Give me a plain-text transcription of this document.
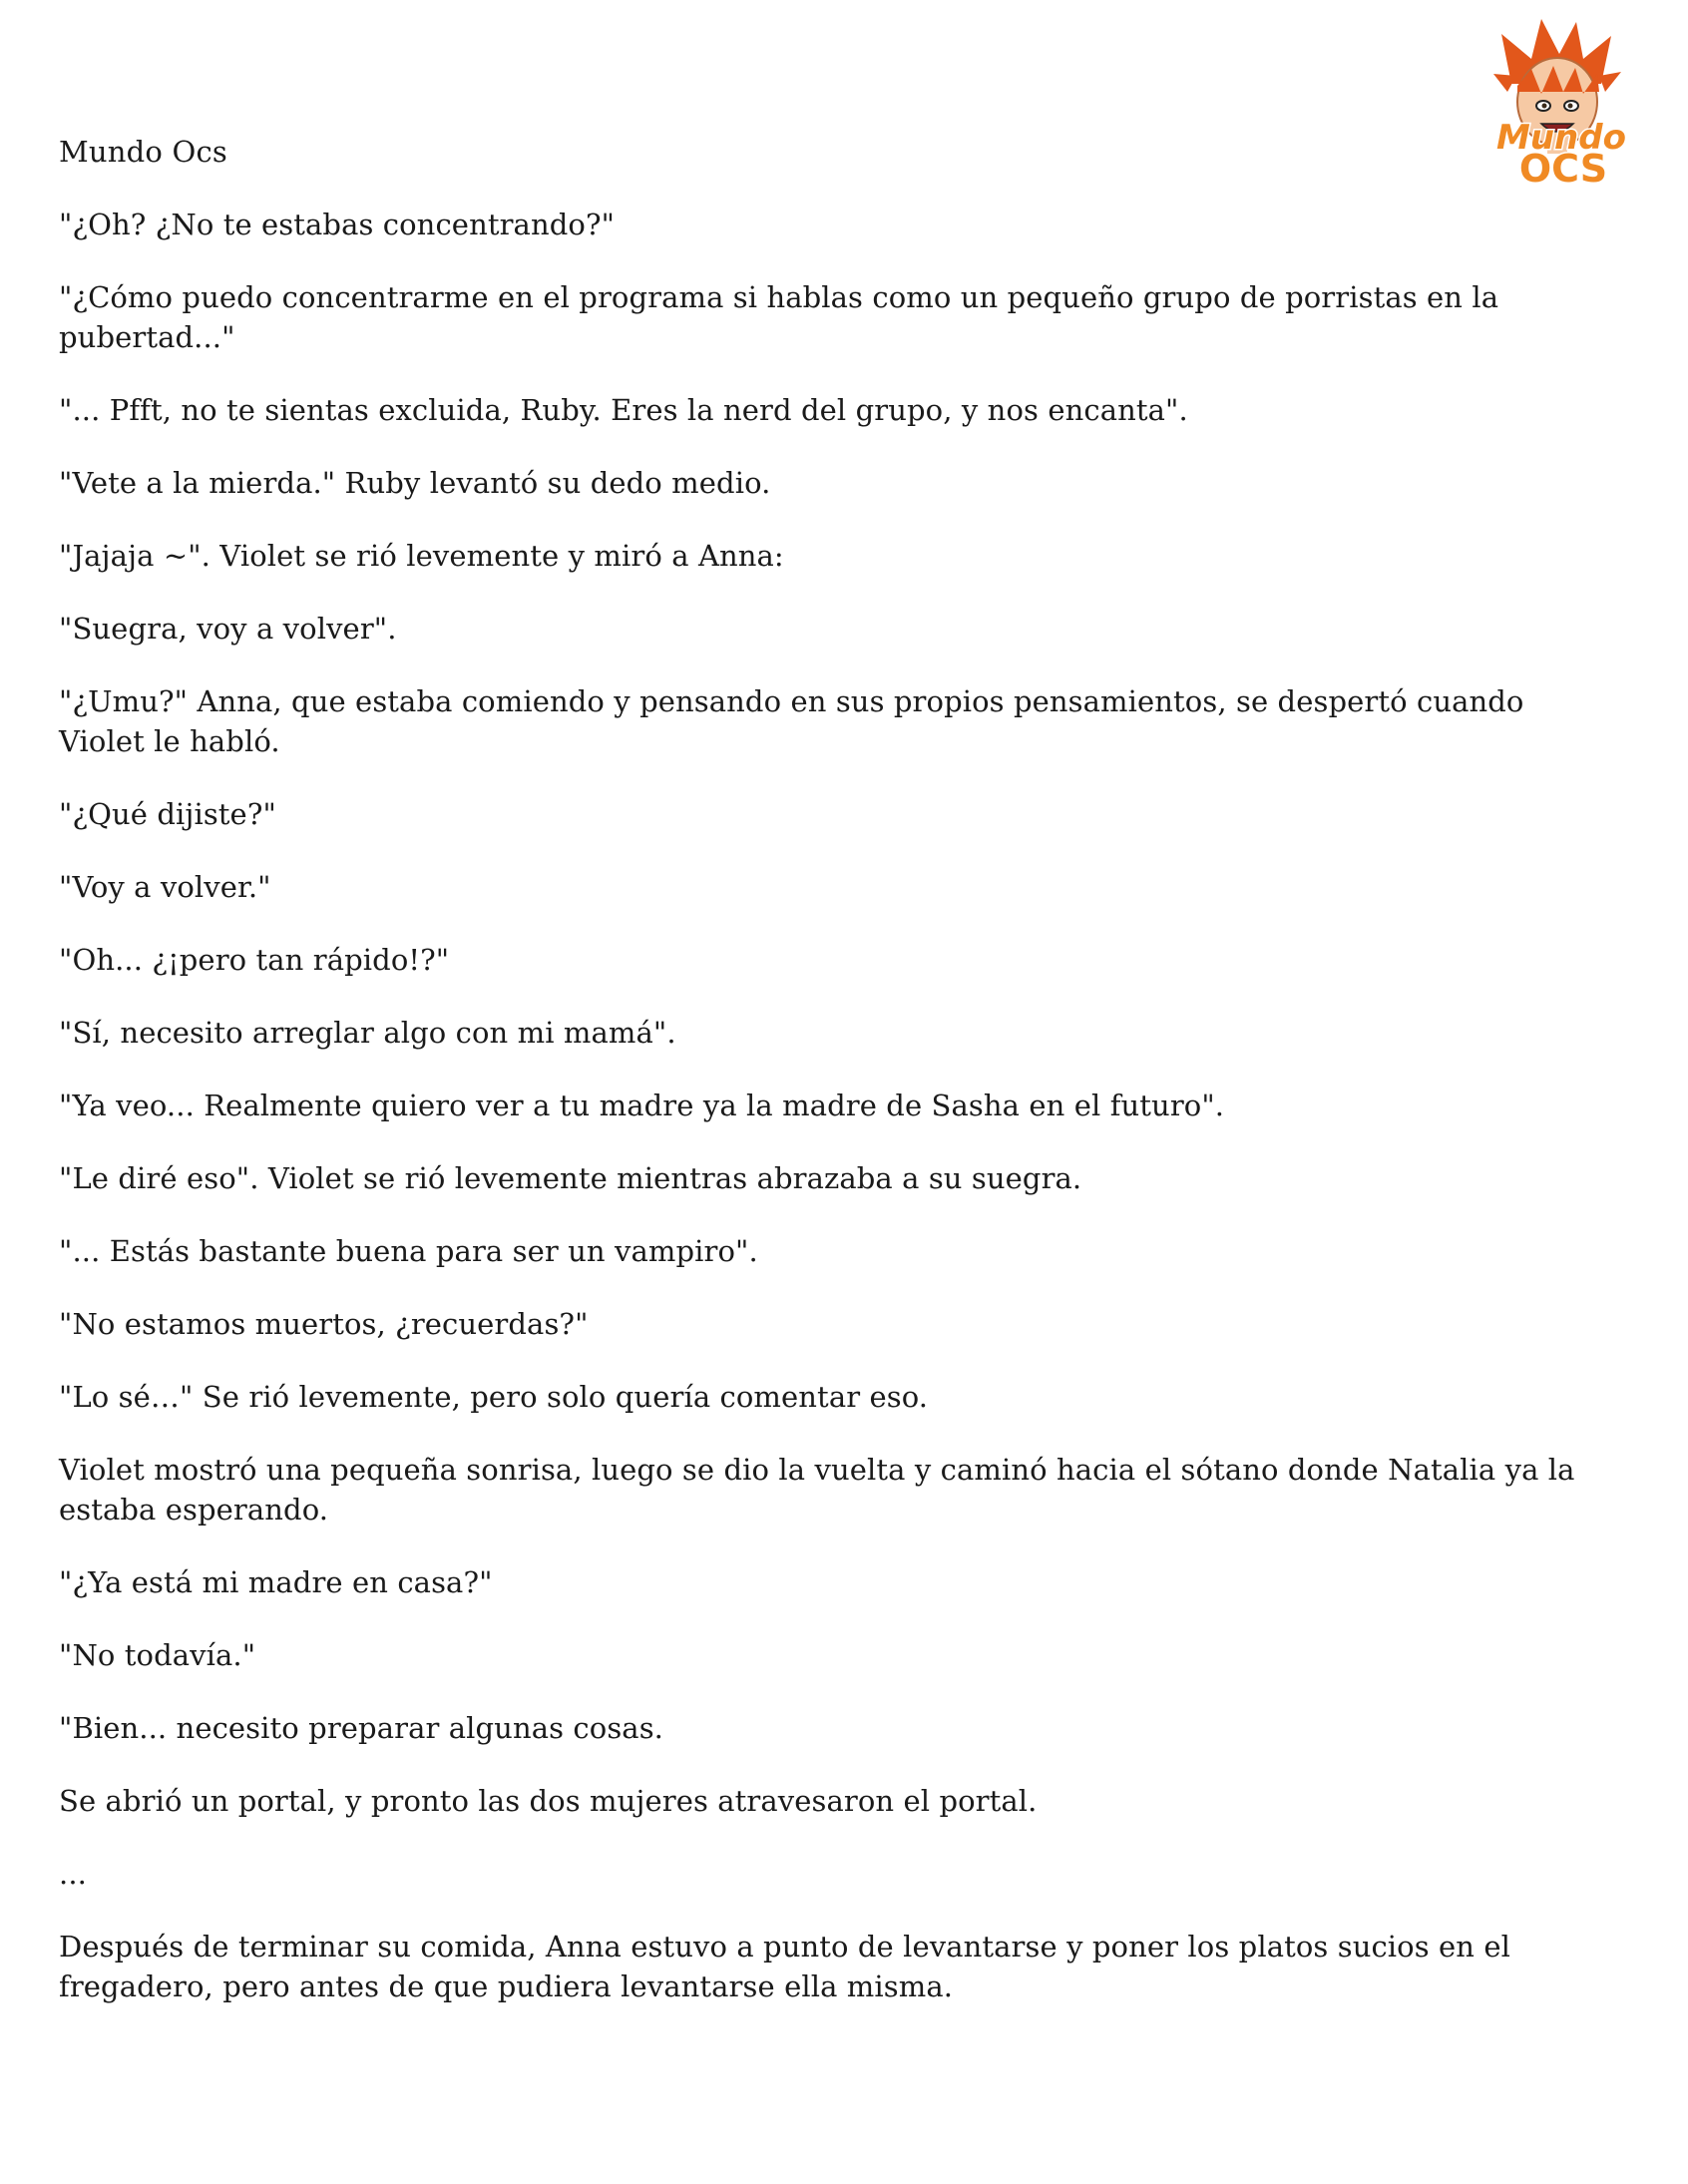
Mundo
OCS

Mundo Ocs

"¿Oh? ¿No te estabas concentrando?"

"¿Cómo puedo concentrarme en el programa si hablas como un pequeño grupo de porristas en la pubertad..."

"... Pfft, no te sientas excluida, Ruby. Eres la nerd del grupo, y nos encanta".

"Vete a la mierda." Ruby levantó su dedo medio.

"Jajaja ~". Violet se rió levemente y miró a Anna:

"Suegra, voy a volver".

"¿Umu?" Anna, que estaba comiendo y pensando en sus propios pensamientos, se despertó cuando Violet le habló.

"¿Qué dijiste?"

"Voy a volver."

"Oh... ¿¡pero tan rápido!?"

"Sí, necesito arreglar algo con mi mamá".

"Ya veo... Realmente quiero ver a tu madre ya la madre de Sasha en el futuro".

"Le diré eso". Violet se rió levemente mientras abrazaba a su suegra.

"... Estás bastante buena para ser un vampiro".

"No estamos muertos, ¿recuerdas?"

"Lo sé…" Se rió levemente, pero solo quería comentar eso.

Violet mostró una pequeña sonrisa, luego se dio la vuelta y caminó hacia el sótano donde Natalia ya la estaba esperando.

"¿Ya está mi madre en casa?"

"No todavía."

"Bien... necesito preparar algunas cosas.

Se abrió un portal, y pronto las dos mujeres atravesaron el portal.

...

Después de terminar su comida, Anna estuvo a punto de levantarse y poner los platos sucios en el fregadero, pero antes de que pudiera levantarse ella misma.
